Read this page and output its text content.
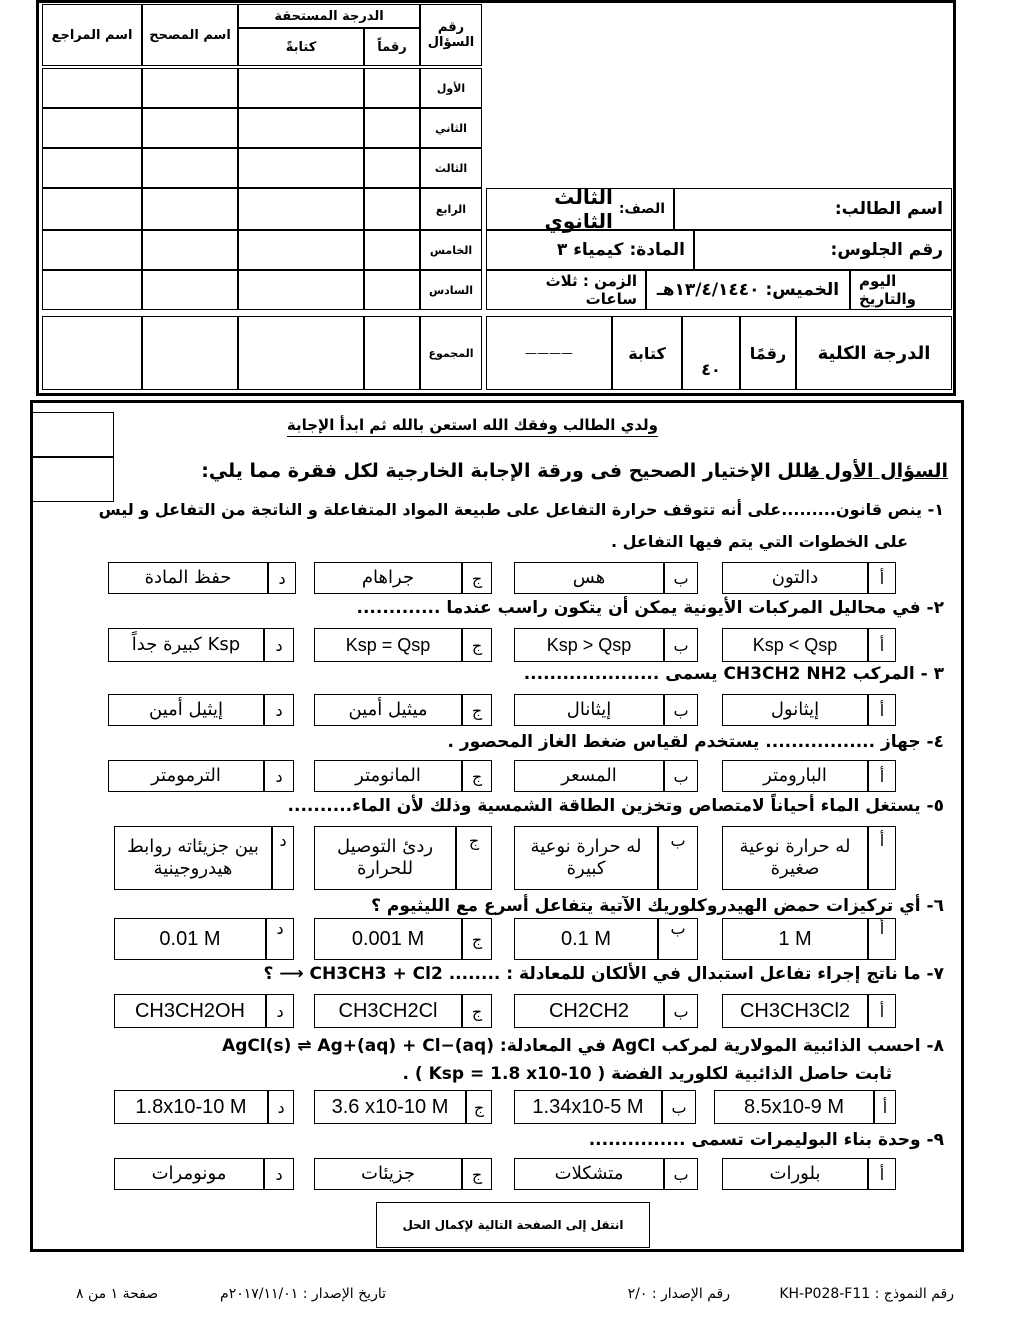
رقم السؤال
الدرجة المستحقة
رقماً
كتابةً
اسم المصحح
اسم المراجع
الأول
الثاني
الثالث
الرابع
الخامس
السادس
المجموع
اسم الطالب:
الصف:
الثالث الثانوي
رقم الجلوس:
المادة:
كيمياء ٣
اليوم والتاريخ
الخميس: ١٣/٤/١٤٤٠هـ
الزمن : ثلاث ساعات
الدرجة الكلية
رقمًا
٤٠
كتابة
————
ولدي الطالب وفقك الله استعن بالله ثم ابدأ الإجابة
السؤال الأول :
ظلل الإختيار الصحيح فى ورقة الإجابة الخارجية لكل فقرة مما يلي:
١- ينص قانون.........على أنه تتوقف حرارة التفاعل على طبيعة المواد المتفاعلة و الناتجة من التفاعل و ليس
على الخطوات التي يتم فيها التفاعل .
٢- في محاليل المركبات الأيونية يمكن أن يتكون راسب عندما .............
٣ - المركب CH3CH2 NH2 يسمى .....................
٤- جهاز ................. يستخدم لقياس ضغط الغاز المحصور .
٥- يستغل الماء أحياناً لامتصاص وتخزين الطاقة الشمسية وذلك لأن الماء..........
٦- أي تركيزات حمض الهيدروكلوريك الآتية يتفاعل أسرع مع الليثيوم ؟
٧- ما ناتج إجراء تفاعل استبدال في الألكان للمعادلة : ........ CH3CH3 + Cl2 ⟶ ؟
٨- احسب الذائبية المولارية لمركب AgCl في المعادلة: AgCl(s) ⇌ Ag+(aq) + Cl−(aq)
ثابت حاصل الذائبية لكلوريد الفضة ( Ksp = 1.8 x10-10 ) .
٩- وحدة بناء البوليمرات تسمى ...............
أ
دالتون
ب
هس
ج
جراهام
د
حفظ المادة
أ
Ksp < Qsp
ب
Ksp > Qsp
ج
Ksp = Qsp
د
Ksp كبيرة جداً
أ
إيثانول
ب
إيثانال
ج
ميثيل أمين
د
إيثيل أمين
أ
البارومتر
ب
المسعر
ج
المانومتر
د
الترمومتر
أ
له حرارة نوعية صغيرة
ب
له حرارة نوعية كبيرة
ج
ردئ التوصيل للحرارة
د
بين جزيئاته روابط هيدروجينية
أ
1 M
ب
0.1 M
ج
0.001 M
د
0.01 M
أ
CH3CH3Cl2
ب
CH2CH2
ج
CH3CH2Cl
د
CH3CH2OH
أ
8.5x10-9 M
ب
1.34x10-5 M
ج
3.6 x10-10 M
د
1.8x10-10 M
أ
بلورات
ب
متشكلات
ج
جزيئات
د
مونومرات
انتقل إلى الصفحة التالية لإكمال الحل
رقم النموذج : KH-P028-F11
رقم الإصدار : ٢/٠
تاريخ الإصدار : ٢٠١٧/١١/٠١م
صفحة ١ من ٨
